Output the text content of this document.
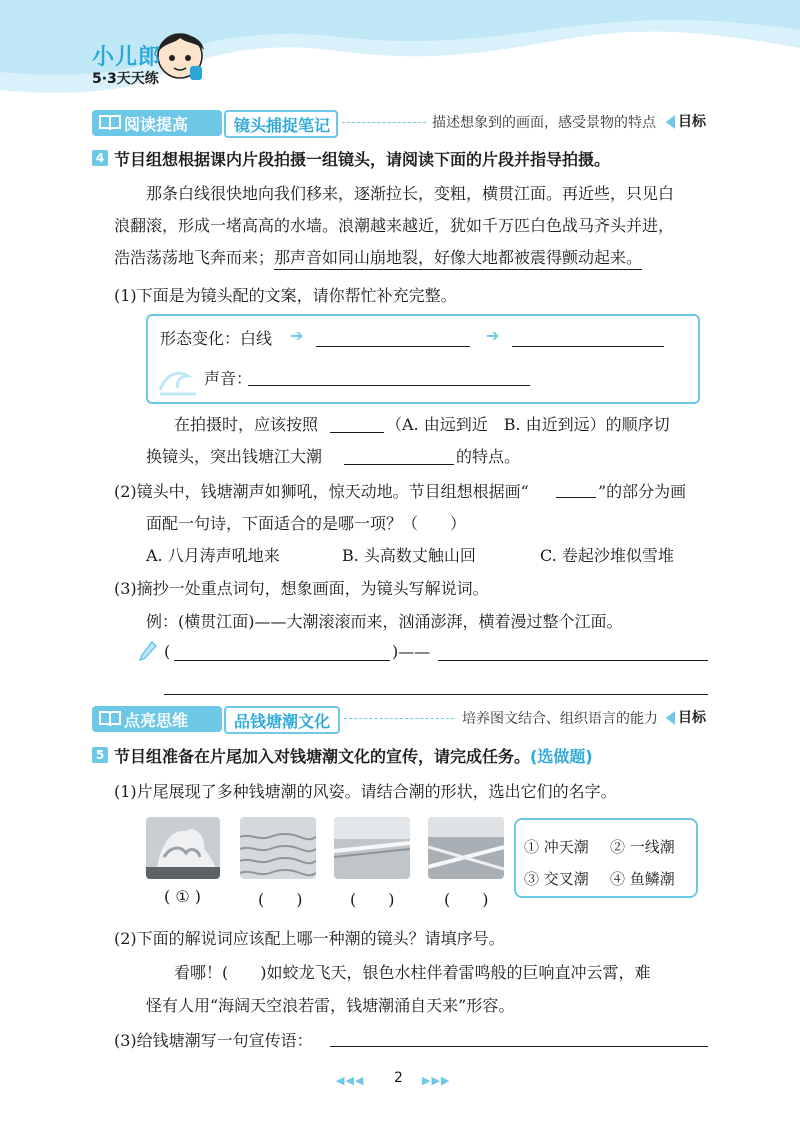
小儿郎
5·3天天练
阅读提高	镜头捕捉笔记	描述想象到的画面，感受景物的特点	目标
4 节目组想根据课内片段拍摄一组镜头，请阅读下面的片段并指导拍摄。
那条白线很快地向我们移来，逐渐拉长，变粗，横贯江面。再近些，只见白
浪翻滚，形成一堵高高的水墙。浪潮越来越近，犹如千万匹白色战马齐头并进，
浩浩荡荡地飞奔而来；那声音如同山崩地裂，好像大地都被震得颤动起来。
(1)下面是为镜头配的文案，请你帮忙补充完整。
形态变化：白线 ➔	➔
声音：
在拍摄时，应该按照	（A. 由远到近　B. 由近到远）的顺序切
换镜头，突出钱塘江大潮	的特点。
(2)镜头中，钱塘潮声如狮吼，惊天动地。节目组想根据画“	”的部分为画
面配一句诗，下面适合的是哪一项？（　　）
A. 八月涛声吼地来	B. 头高数丈触山回	C. 卷起沙堆似雪堆
(3)摘抄一处重点词句，想象画面，为镜头写解说词。
例：(横贯江面)——大潮滚滚而来，汹涌澎湃，横着漫过整个江面。
(	)——
点亮思维	品钱塘潮文化	培养图文结合、组织语言的能力	目标
5 节目组准备在片尾加入对钱塘潮文化的宣传，请完成任务。(选做题)
(1)片尾展现了多种钱塘潮的风姿。请结合潮的形状，选出它们的名字。
( ① )	(　　)	(　　)	(　　)
① 冲天潮 ② 一线潮
③ 交叉潮 ④ 鱼鳞潮
(2)下面的解说词应该配上哪一种潮的镜头？请填序号。
看哪！(　　)如蛟龙飞天，银色水柱伴着雷鸣般的巨响直冲云霄，难
怪有人用“海阔天空浪若雷，钱塘潮涌自天来”形容。
(3)给钱塘潮写一句宣传语：
◀◀◀ 2 ▶▶▶
